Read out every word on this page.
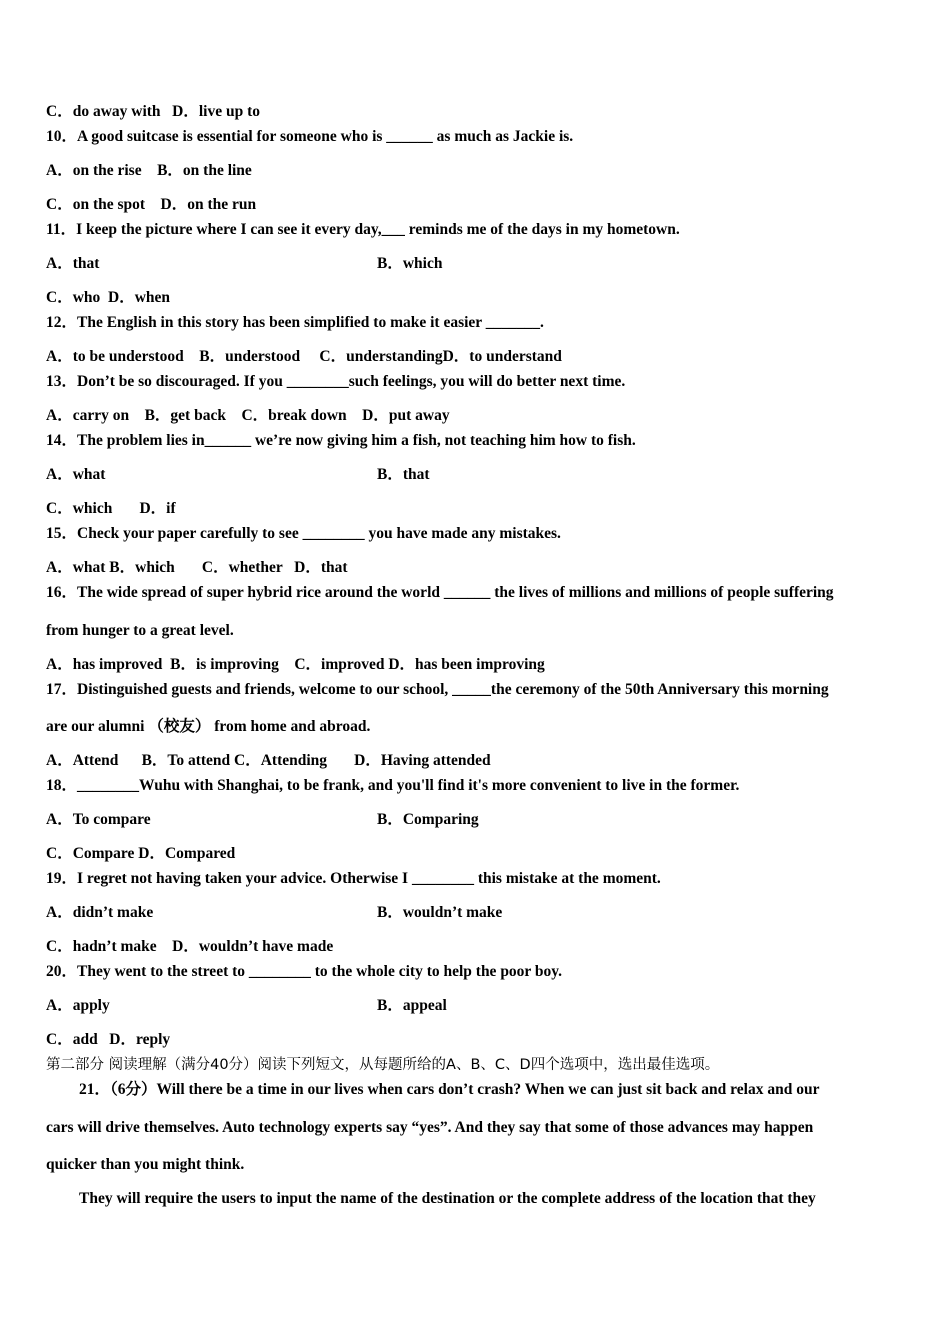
C．do away with   D．live up to
10．A good suitcase is essential for someone who is ______ as much as Jackie is.
A．on the rise    B．on the line
C．on the spot    D．on the run
11．I keep the picture where I can see it every day,___ reminds me of the days in my hometown.
A．that	B．which
C．who  D．when
12．The English in this story has been simplified to make it easier _______.
A．to be understood    B．understood     C．understandingD．to understand
13．Don’t be so discouraged. If you ________such feelings, you will do better next time.
A．carry on    B．get back    C．break down    D．put away
14．The problem lies in______ we’re now giving him a fish, not teaching him how to fish.
A．what	B．that
C．which       D．if
15．Check your paper carefully to see ________ you have made any mistakes.
A．what B．which       C．whether   D．that
16．The wide spread of super hybrid rice around the world ______ the lives of millions and millions of people suffering
from hunger to a great level.
A．has improved  B．is improving    C．improved D．has been improving
17．Distinguished guests and friends, welcome to our school, _____the ceremony of the 50th Anniversary this morning
are our alumni （校友） from home and abroad.
A．Attend      B．To attend C．Attending       D．Having attended
18．________Wuhu with Shanghai, to be frank, and you'll find it's more convenient to live in the former.
A．To compare	B．Comparing
C．Compare D．Compared
19．I regret not having taken your advice. Otherwise I ________ this mistake at the moment.
A．didn’t make	B．wouldn’t make
C．hadn’t make    D．wouldn’t have made
20．They went to the street to ________ to the whole city to help the poor boy.
A．apply	B．appeal
C．add   D．reply
第二部分 阅读理解（满分40分）阅读下列短文，从每题所给的A、B、C、D四个选项中，选出最佳选项。
21．（6分）Will there be a time in our lives when cars don’t crash? When we can just sit back and relax and our
cars will drive themselves. Auto technology experts say “yes”. And they say that some of those advances may happen
quicker than you might think.
They will require the users to input the name of the destination or the complete address of the location that they
